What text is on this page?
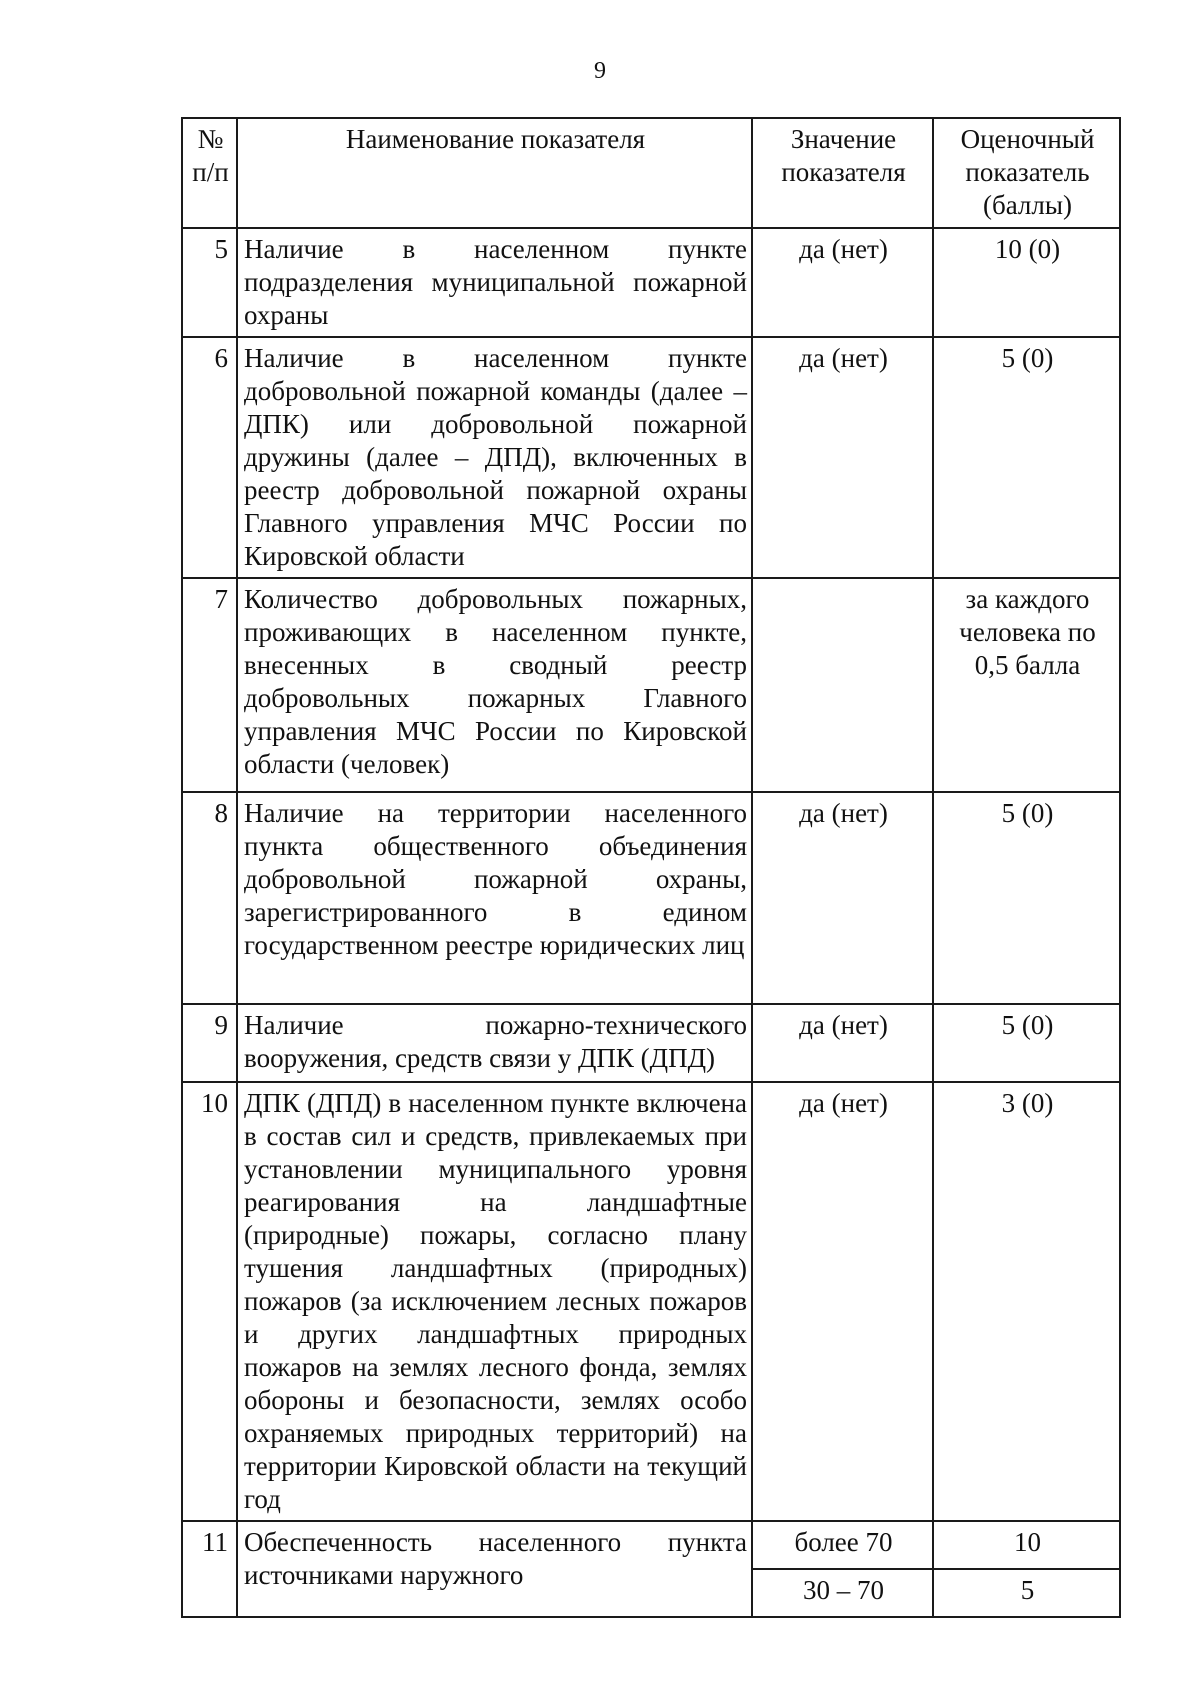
9
№ п/п	Наименование показателя	Значение показателя	Оценочный показатель (баллы)
5	Наличие в населенном пункте подразделения муниципальной пожарной охраны	да (нет)	10 (0)
6	Наличие в населенном пункте добровольной пожарной команды (далее – ДПК) или добровольной пожарной дружины (далее – ДПД), включенных в реестр добровольной пожарной охраны Главного управления МЧС России по Кировской области	да (нет)	5 (0)
7	Количество добровольных пожарных, проживающих в населенном пункте, внесенных в сводный реестр добровольных пожарных Главного управления МЧС России по Кировской области (человек)		за каждого человека по 0,5 балла
8	Наличие на территории населенного пункта общественного объединения добровольной пожарной охраны, зарегистрированного в едином государственном реестре юридических лиц	да (нет)	5 (0)
9	Наличие пожарно-технического вооружения, средств связи у ДПК (ДПД)	да (нет)	5 (0)
10	ДПК (ДПД) в населенном пункте включена в состав сил и средств, привлекаемых при установлении муниципального уровня реагирования на ландшафтные (природные) пожары, согласно плану тушения ландшафтных (природных) пожаров (за исключением лесных пожаров и других ландшафтных природных пожаров на землях лесного фонда, землях обороны и безопасности, землях особо охраняемых природных территорий) на территории Кировской области на текущий год	да (нет)	3 (0)
11	Обеспеченность населенного пункта источниками наружного	более 70	10
		30 – 70	5
